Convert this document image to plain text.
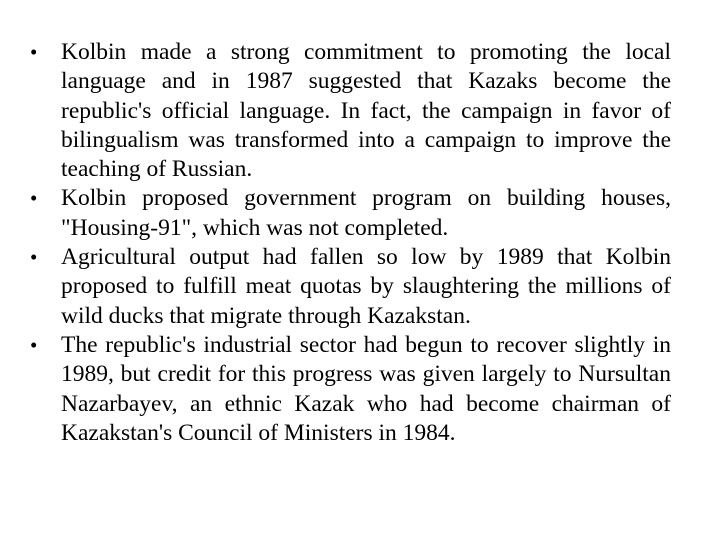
•	Kolbin made a strong commitment to promoting the local language and in 1987 suggested that Kazaks become the republic's official language. In fact, the campaign in favor of bilingualism was transformed into a campaign to improve the teaching of Russian.
•	Kolbin proposed government program on building houses, "Housing-91", which was not completed.
•	Agricultural output had fallen so low by 1989 that Kolbin proposed to fulfill meat quotas by slaughtering the millions of wild ducks that migrate through Kazakstan.
•	The republic's industrial sector had begun to recover slightly in 1989, but credit for this progress was given largely to Nursultan Nazarbayev, an ethnic Kazak who had become chairman of Kazakstan's Council of Ministers in 1984.
